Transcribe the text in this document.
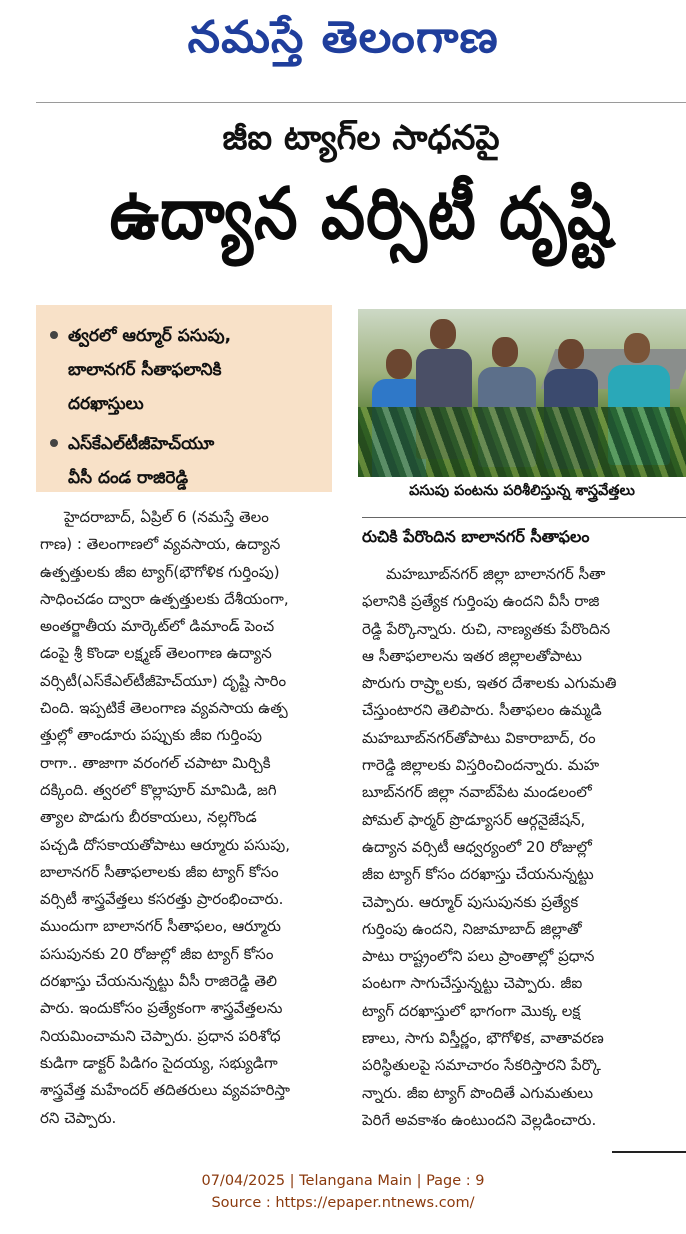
నమస్తే తెలంగాణ
జీఐ ట్యాగ్‌ల సాధనపై
ఉద్యాన వర్సిటీ దృష్టి
త్వరలో ఆర్మూర్ పసుపు,
బాలానగర్ సీతాఫలానికి
దరఖాస్తులు
ఎస్‌కేఎల్‌టీజీహెచ్‌యూ
వీసీ దండ రాజిరెడ్డి
పసుపు పంటను పరిశీలిస్తున్న శాస్త్రవేత్తలు
హైదరాబాద్, ఏప్రిల్ 6 (నమస్తే తెలం
గాణ) : తెలంగాణలో వ్యవసాయ, ఉద్యాన
ఉత్పత్తులకు జీఐ ట్యాగ్(భౌగోళిక గుర్తింపు)
సాధించడం ద్వారా ఉత్పత్తులకు దేశీయంగా,
అంతర్జాతీయ మార్కెట్‌లో డిమాండ్ పెంచ
డంపై శ్రీ కొండా లక్ష్మణ్ తెలంగాణ ఉద్యాన
వర్సిటీ(ఎస్‌కేఎల్‌టీజీహెచ్‌యూ) దృష్టి సారిం
చింది. ఇప్పటికే తెలంగాణ వ్యవసాయ ఉత్ప
త్తుల్లో తాండూరు పప్పుకు జీఐ గుర్తింపు
రాగా.. తాజాగా వరంగల్ చపాటా మిర్చికి
దక్కింది. త్వరలో కొల్లాపూర్ మామిడి, జగి
త్యాల పొడుగు బీరకాయలు, నల్లగొండ
పచ్చడి దోసకాయతోపాటు ఆర్మూరు పసుపు,
బాలానగర్ సీతాఫలాలకు జీఐ ట్యాగ్ కోసం
వర్సిటీ శాస్త్రవేత్తలు కసరత్తు ప్రారంభించారు.
ముందుగా బాలానగర్ సీతాఫలం, ఆర్మూరు
పసుపునకు 20 రోజుల్లో జీఐ ట్యాగ్ కోసం
దరఖాస్తు చేయనున్నట్టు వీసీ రాజిరెడ్డి తెలి
పారు. ఇందుకోసం ప్రత్యేకంగా శాస్త్రవేత్తలను
నియమించామని చెప్పారు. ప్రధాన పరిశోధ
కుడిగా డాక్టర్ పిడిగం సైదయ్య, సభ్యుడిగా
శాస్త్రవేత్త మహేందర్ తదితరులు వ్యవహరిస్తా
రని చెప్పారు.
రుచికి పేరొందిన బాలానగర్ సీతాఫలం
మహబూబ్‌నగర్ జిల్లా బాలానగర్ సీతా
ఫలానికి ప్రత్యేక గుర్తింపు ఉందని వీసీ రాజి
రెడ్డి పేర్కొన్నారు. రుచి, నాణ్యతకు పేరొందిన
ఆ సీతాఫలాలను ఇతర జిల్లాలతోపాటు
పొరుగు రాష్ర్టాలకు, ఇతర దేశాలకు ఎగుమతి
చేస్తుంటారని తెలిపారు. సీతాఫలం ఉమ్మడి
మహబూబ్‌నగర్‌తోపాటు వికారాబాద్, రం
గారెడ్డి జిల్లాలకు విస్తరించిందన్నారు. మహ
బూబ్‌నగర్ జిల్లా నవాబ్‌పేట మండలంలో
పోమల్ ఫార్మర్ ప్రొడ్యూసర్ ఆర్గనైజేషన్,
ఉద్యాన వర్సిటీ ఆధ్వర్యంలో 20 రోజుల్లో
జీఐ ట్యాగ్ కోసం దరఖాస్తు చేయనున్నట్టు
చెప్పారు. ఆర్మూర్ పుసుపునకు ప్రత్యేక
గుర్తింపు ఉందని, నిజామాబాద్ జిల్లాతో
పాటు రాష్ట్రంలోని పలు ప్రాంతాల్లో ప్రధాన
పంటగా సాగుచేస్తున్నట్టు చెప్పారు. జీఐ
ట్యాగ్ దరఖాస్తులో భాగంగా మొక్క లక్ష
ణాలు, సాగు విస్తీర్ణం, భౌగోళిక, వాతావరణ
పరిస్థితులపై సమాచారం సేకరిస్తారని పేర్కొ
న్నారు. జీఐ ట్యాగ్ పొందితే ఎగుమతులు
పెరిగే అవకాశం ఉంటుందని వెల్లడించారు.
07/04/2025 | Telangana Main | Page : 9
Source : https://epaper.ntnews.com/
